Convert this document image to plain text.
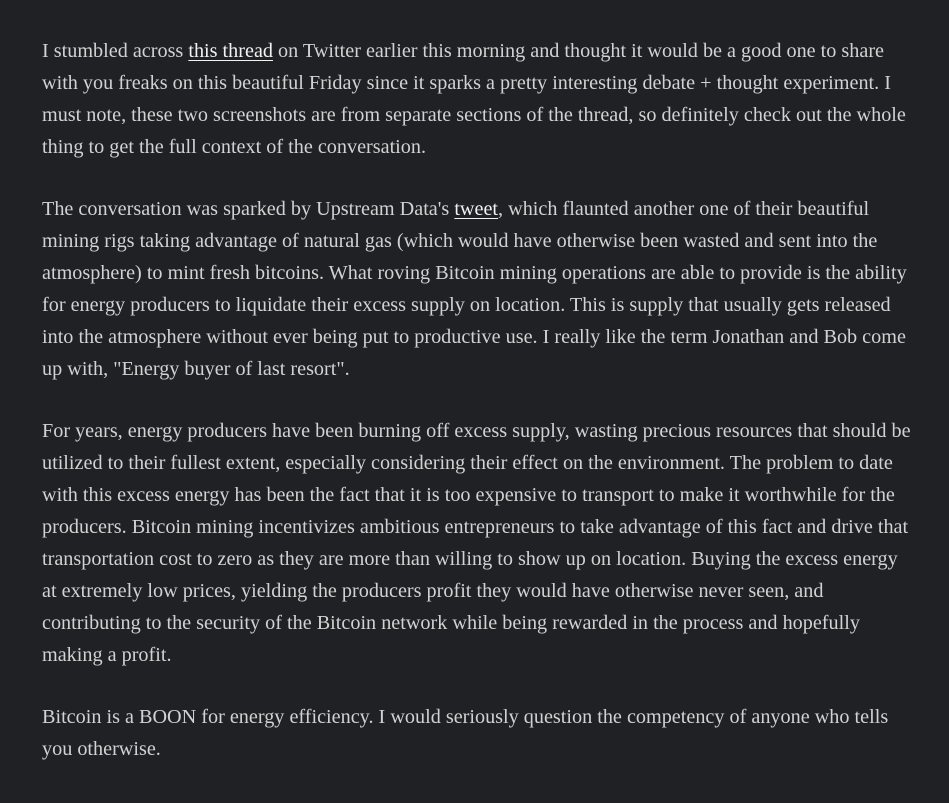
I stumbled across this thread on Twitter earlier this morning and thought it would be a good one to share with you freaks on this beautiful Friday since it sparks a pretty interesting debate + thought experiment. I must note, these two screenshots are from separate sections of the thread, so definitely check out the whole thing to get the full context of the conversation.

The conversation was sparked by Upstream Data's tweet, which flaunted another one of their beautiful mining rigs taking advantage of natural gas (which would have otherwise been wasted and sent into the atmosphere) to mint fresh bitcoins. What roving Bitcoin mining operations are able to provide is the ability for energy producers to liquidate their excess supply on location. This is supply that usually gets released into the atmosphere without ever being put to productive use. I really like the term Jonathan and Bob come up with, "Energy buyer of last resort".

For years, energy producers have been burning off excess supply, wasting precious resources that should be utilized to their fullest extent, especially considering their effect on the environment. The problem to date with this excess energy has been the fact that it is too expensive to transport to make it worthwhile for the producers. Bitcoin mining incentivizes ambitious entrepreneurs to take advantage of this fact and drive that transportation cost to zero as they are more than willing to show up on location. Buying the excess energy at extremely low prices, yielding the producers profit they would have otherwise never seen, and contributing to the security of the Bitcoin network while being rewarded in the process and hopefully making a profit.

Bitcoin is a BOON for energy efficiency. I would seriously question the competency of anyone who tells you otherwise.
